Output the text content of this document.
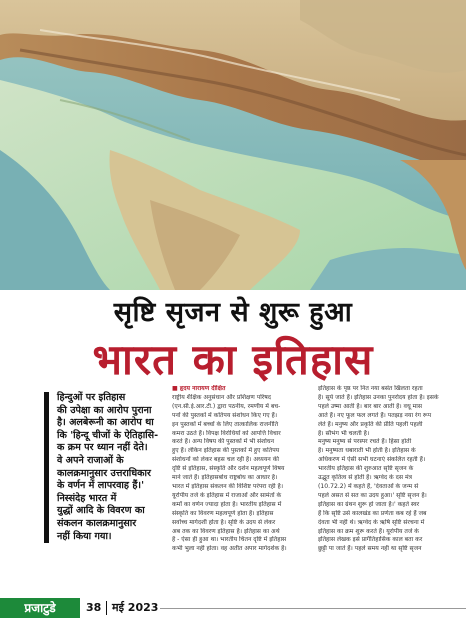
सृष्टि सृजन से शुरू हुआ
भारत का इतिहास
हिन्दुओं पर इतिहास
की उपेक्षा का आरोप पुराना
है। अलबेरूनी का आरोप था
कि 'हिन्दू चीजों के ऐतिहासि-
क क्रम पर ध्यान नहीं देते।
वे अपने राजाओं के
कालक्रमानुसार उत्तराधिकार
के वर्णन में लापरवाह हैं।'
निस्संदेह भारत में
युद्धों आदि के विवरण का
संकलन कालक्रमानुसार
नहीं किया गया।
■ हृदय नारायण दीक्षित
राष्ट्रीय शैक्षिक अनुसंधान और प्रशिक्षण परिषद
(एन.सी.ई.आर.टी.) द्वारा पठनीय, रमणीय में बच-
पनों की पुस्तकों में कतिपय संशोधन किए गए हैं।
इन पुस्तकों में बच्चों के लिए तात्कालिक राजनीति
कमरा उठते हैं। विपक्ष विरोधियों को आपत्ति विचार
करते हैं। अन्य विषय की पुस्तकों में भी संशोधन
हुए हैं। लेकिन इतिहास की पुस्तकों में हुए कतिपय
संशोधनों को लेकर बहस चल रही है। अध्ययन की
दृष्टि से इतिहास, संस्कृति और दर्शन महत्वपूर्ण विषय
माने जाते हैं। इतिहासबोध राष्ट्रबोध का आधार है।
भारत में इतिहास संकलन की विशिष्ट परंपरा रही है।
यूरोपीय तर्ज के इतिहास में राजाओं और सामंतों के
कर्मों का वर्णन ज्यादा होता है। भारतीय इतिहास में
संस्कृति का विवरण महत्वपूर्ण होता है। इतिहास
सर्वोच्च मार्गदर्शी होता है। सृष्टि के उदय से लेकर
अब तक का विवरण इतिहास है। इतिहास का अर्थ
है - ऐसा ही हुआ था। भारतीय चिंतन दृष्टि में इतिहास
कभी भुला नहीं होता। वह अतीत अपार मार्गदर्शक है।
इतिहास के पृष्ठ पर नित नया बसंत खिलता रहता
है। सूर्य जाते हैं। इतिहास उनका पुनरोदय होता है। इसके
पहले उष्मा आती है। बार बार आती है। वधू मास
आते हैं। नए फूल फल लगते हैं। पतझड़ नया रंग रूप
लेते हैं। मनुष्य और प्रकृति की प्रीति पहली पहली
है। सौभंग भी चलती है।
मनुष्य मनुष्य से परस्पर रचते हैं। हिंसा होती
है। मनुष्यता धबाराती भी होती है। इतिहास के
अधिकरण में ऐसी सभी घटनाएं संकलित रहती हैं।
भारतीय इतिहास की शुरुआत सृष्टि सृजन के
उद्भूत कृतित्व से होती है। ऋग्वेद के दस मंत्र
(10.72.2) में कहते हैं, 'देवताओं के जन्म से
पहले असत से सत का उदय हुआ।' सृष्टि सृजन है।
इतिहास का ग्रंथन शुरू हो जाता है।' कहते स्वर
हैं कि सृष्टि उसे कालखंड का प्रणेता कब रहे हैं जब
देवता भी नहीं थे। ऋग्वेद के ऋषि सृष्टि संरचना में
इतिहास का क्रम शुरू करते हैं। यूरोपीय तर्ज के
इतिहास लेखक इसे प्रागैतिहासिक काल बता कर
छुट्टी पा जाते हैं। पहले समय नहीं था सृष्टि सृजन
प्रजाटुडे	38 मई 2023
